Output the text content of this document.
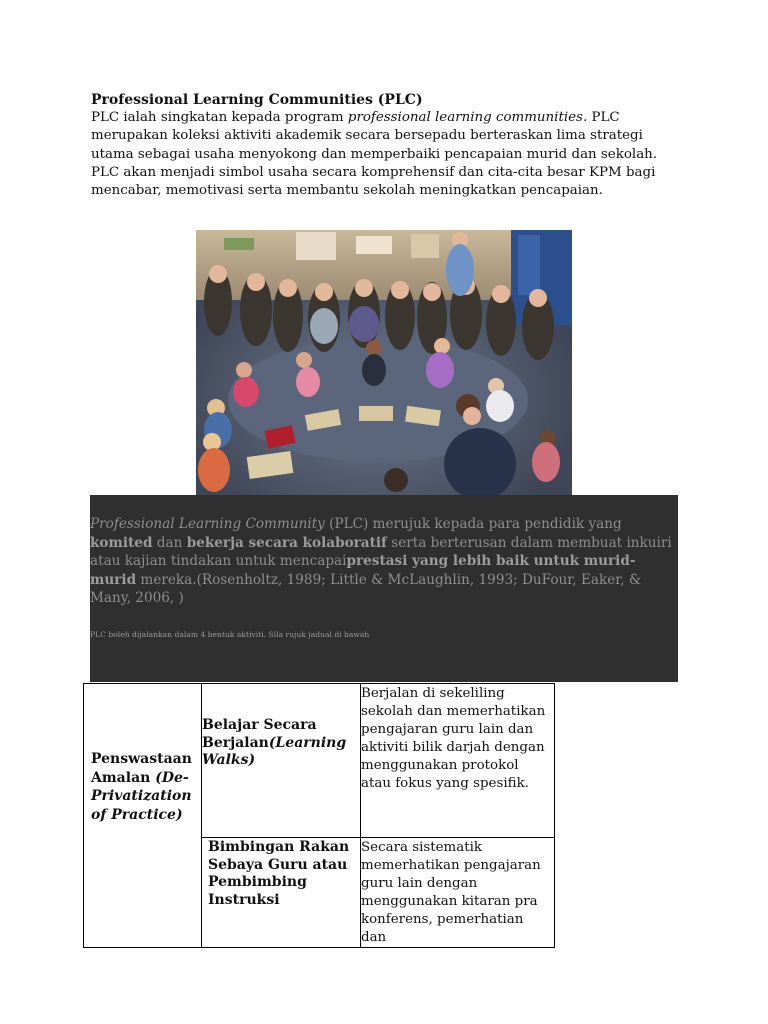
Professional Learning Communities (PLC)
PLC ialah singkatan kepada program professional learning communities. PLC merupakan koleksi aktiviti akademik secara bersepadu berteraskan lima strategi utama sebagai usaha menyokong dan memperbaiki pencapaian murid dan sekolah. PLC akan menjadi simbol usaha secara komprehensif dan cita-cita besar KPM bagi mencabar, memotivasi serta membantu sekolah meningkatkan pencapaian.
Professional Learning Community (PLC) merujuk kepada para pendidik yang komited dan bekerja secara kolaboratif serta berterusan dalam membuat inkuiri atau kajian tindakan untuk mencapaiprestasi yang lebih baik untuk murid-murid mereka.(Rosenholtz, 1989; Little & McLaughlin, 1993; DuFour, Eaker, & Many, 2006, )
PLC boleh dijalankan dalam 4 bentuk aktiviti. Sila rujuk jadual di bawah
Penswastaan Amalan (De-Privatization of Practice)	Belajar Secara Berjalan(Learning Walks)	Berjalan di sekeliling sekolah dan memerhatikan pengajaran guru lain dan aktiviti bilik darjah dengan menggunakan protokol atau fokus yang spesifik.

	Bimbingan Rakan Sebaya Guru atau Pembimbing Instruksi	Secara sistematik memerhatikan pengajaran guru lain dengan menggunakan kitaran pra konferens, pemerhatian dan
